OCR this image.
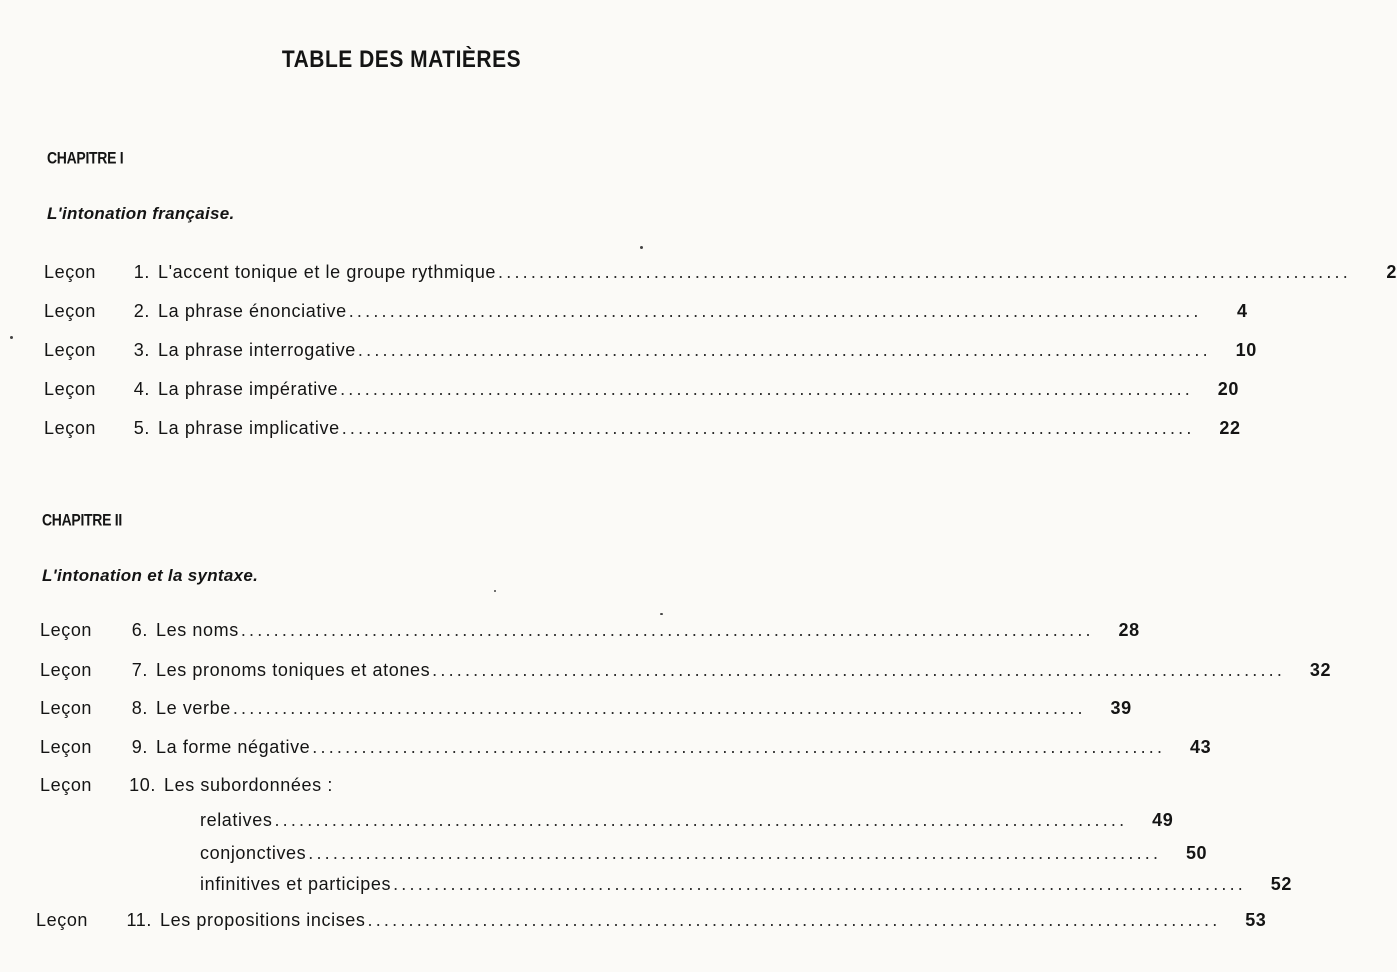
TABLE DES MATIÈRES
CHAPITRE I
L'intonation française.
Leçon	1. L'accent tonique et le groupe rythmique ........................................................................................................	2
Leçon	2. La phrase énonciative ........................................................................................................	4
Leçon	3. La phrase interrogative ........................................................................................................	10
Leçon	4. La phrase impérative ........................................................................................................	20
Leçon	5. La phrase implicative ........................................................................................................	22
CHAPITRE II
L'intonation et la syntaxe.
Leçon	6. Les noms ........................................................................................................	28
Leçon	7. Les pronoms toniques et atones ........................................................................................................	32
Leçon	8. Le verbe ........................................................................................................	39
Leçon	9. La forme négative ........................................................................................................	43
Leçon	10. Les subordonnées :
relatives ........................................................................................................	49
conjonctives ........................................................................................................	50
infinitives et participes ........................................................................................................	52
Leçon	11. Les propositions incises ........................................................................................................	53
